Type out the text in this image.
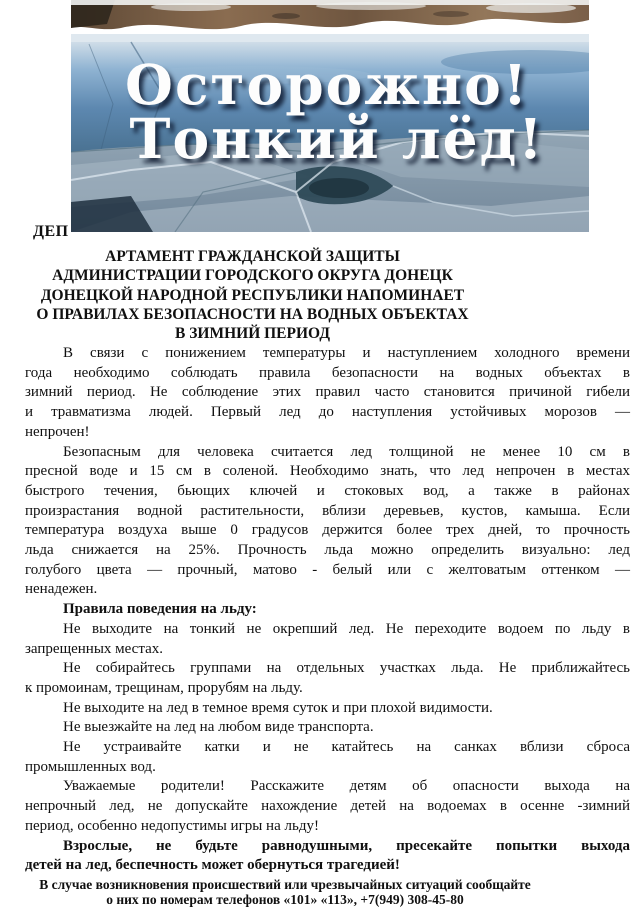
Осторожно!
Тонкий лёд!
ДЕП
АРТАМЕНТ ГРАЖДАНСКОЙ ЗАЩИТЫ
АДМИНИСТРАЦИИ ГОРОДСКОГО ОКРУГА ДОНЕЦК
ДОНЕЦКОЙ НАРОДНОЙ РЕСПУБЛИКИ НАПОМИНАЕТ
О ПРАВИЛАХ БЕЗОПАСНОСТИ НА ВОДНЫХ ОБЪЕКТАХ
В ЗИМНИЙ ПЕРИОД
В связи с понижением температуры и наступлением холодного времени
года необходимо соблюдать правила безопасности на водных объектах в
зимний период. Не соблюдение этих правил часто становится причиной гибели
и травматизма людей. Первый лед до наступления устойчивых морозов —
непрочен!
Безопасным для человека считается лед толщиной не менее 10 см в
пресной воде и 15 см в соленой. Необходимо знать, что лед непрочен в местах
быстрого течения, бьющих ключей и стоковых вод, а также в районах
произрастания водной растительности, вблизи деревьев, кустов, камыша. Если
температура воздуха выше 0 градусов держится более трех дней, то прочность
льда снижается на 25%. Прочность льда можно определить визуально: лед
голубого цвета — прочный, матово - белый или с желтоватым оттенком —
ненадежен.
Правила поведения на льду:
Не выходите на тонкий не окрепший лед. Не переходите водоем по льду в
запрещенных местах.
Не собирайтесь группами на отдельных участках льда. Не приближайтесь
к промоинам, трещинам, прорубям на льду.
Не выходите на лед в темное время суток и при плохой видимости.
Не выезжайте на лед на любом виде транспорта.
Не устраивайте катки и не катайтесь на санках вблизи сброса
промышленных вод.
Уважаемые родители! Расскажите детям об опасности выхода на
непрочный лед, не допускайте нахождение детей на водоемах в осенне -зимний
период, особенно недопустимы игры на льду!
Взрослые, не будьте равнодушными, пресекайте попытки выхода
детей на лед, беспечность может обернуться трагедией!
В случае возникновения происшествий или чрезвычайных ситуаций сообщайте
о них по номерам телефонов «101» «113», +7(949) 308-45-80
